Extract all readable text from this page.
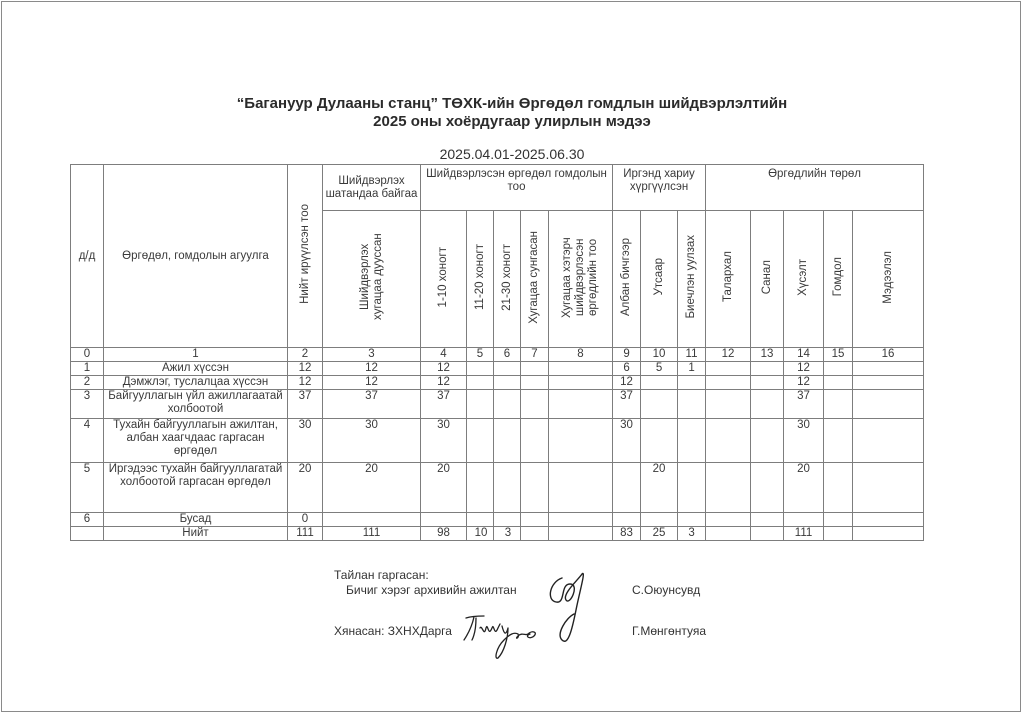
“Багануур Дулааны станц” ТӨХК-ийн Өргөдөл гомдлын шийдвэрлэлтийн
2025 оны хоёрдугаар улирлын мэдээ
2025.04.01-2025.06.30
д/д	Өргөдөл, гомдолын агуулга	Нийт ирүүлсэн тоо	Шийдвэрлэх шатандаа байгаа	Шийдвэрлэсэн өргөдөл гомдолын тоо					Иргэнд хариу хүргүүлсэн			Өргөдлийн төрөл				
			Шийдвэрлэх хугацаа дууссан	1-10 хоногт	11-20 хоногт	21-30 хоногт	Хугацаа сунгасан	Хугацаа хэтэрч шийдвэрлэсэн өргөдлийн тоо	Албан бичгээр	Утсаар	Биечлэн уулзах	Талархал	Санал	Хүсэлт	Гомдол	Мэдээлэл
0	1	2	3	4	5	6	7	8	9	10	11	12	13	14	15	16
1	Ажил хүссэн	12	12	12					6	5	1			12		
2	Дэмжлэг, туслалцаа хүссэн	12	12	12					12					12		
3	Байгууллагын үйл ажиллагаатай холбоотой	37	37	37					37					37		
4	Тухайн байгууллагын ажилтан, албан хаагчдаас гаргасан өргөдөл	30	30	30					30					30		
5	Иргэдээс тухайн байгууллагатай холбоотой гаргасан өргөдөл	20	20	20						20				20		
6	Бусад	0														
	Нийт	111	111	98	10	3			83	25	3			111		
Тайлан гаргасан:
Бичиг хэрэг архивийн ажилтан	С.Оюунсувд
Хянасан: ЗХНХДарга	Г.Мөнгөнтуяа
